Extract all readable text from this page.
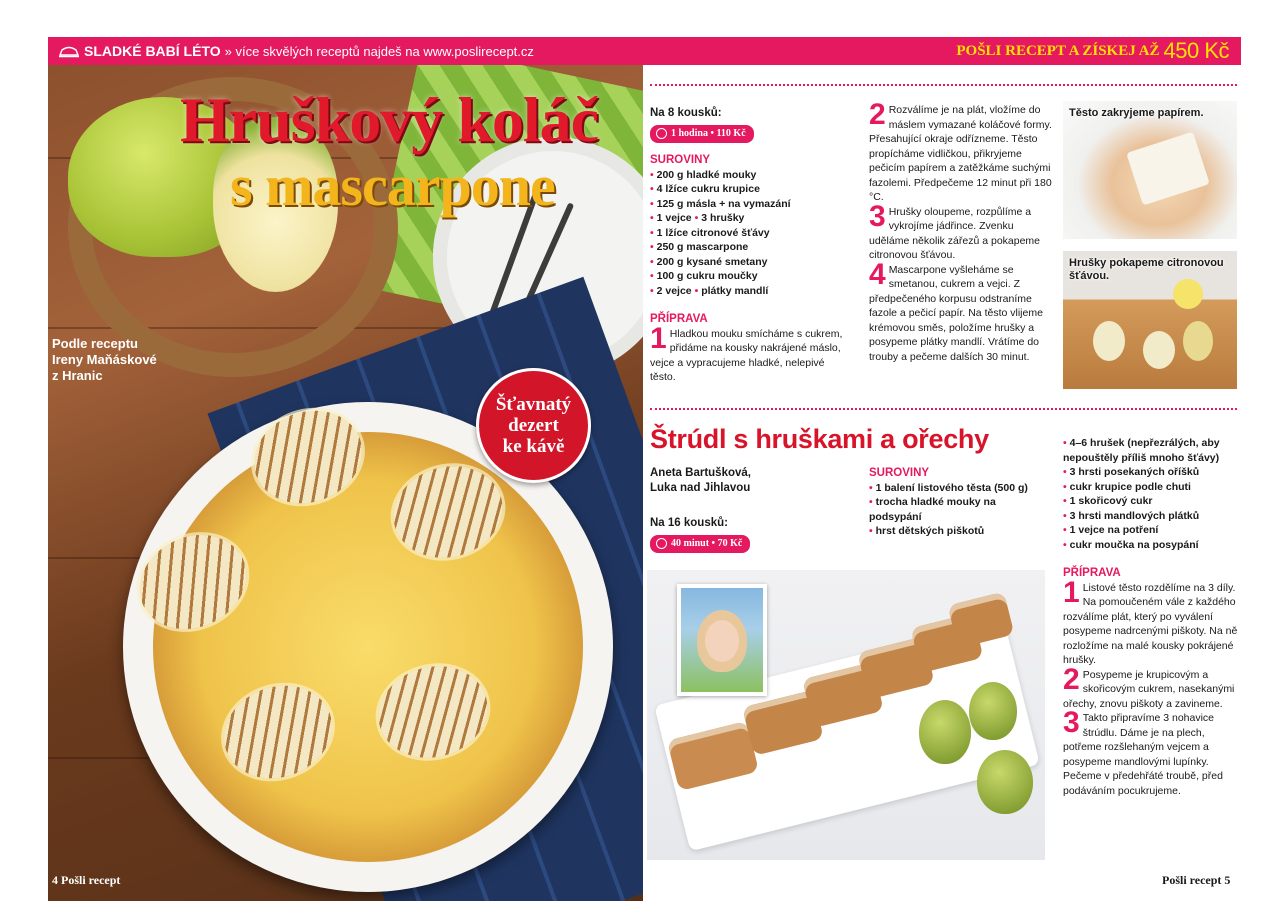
Hruškový koláč
s mascarpone
Podle receptu Ireny Maňáskové z Hranic
Šťavnatý
dezert
ke kávě
4 Pošli recept
SLADKÉ BABÍ LÉTO » více skvělých receptů najdeš na www.poslirecept.cz	POŠLI RECEPT A ZÍSKEJ AŽ 450 Kč
Na 8 kousků:
1 hodina • 110 Kč
SUROVINY
• 200 g hladké mouky
• 4 lžíce cukru krupice
• 125 g másla + na vymazání
• 1 vejce • 3 hrušky
• 1 lžíce citronové šťávy
• 250 g mascarpone
• 200 g kysané smetany
• 100 g cukru moučky
• 2 vejce • plátky mandlí
PŘÍPRAVA
1 Hladkou mouku smícháme s cukrem, přidáme na kousky nakrájené máslo, vejce a vypracujeme hladké, nelepivé těsto.
2 Rozválíme je na plát, vložíme do máslem vymazané koláčové formy. Přesahující okraje odřízneme. Těsto propícháme vidličkou, přikryjeme pečicím papírem a zatěžkáme suchými fazolemi. Předpečeme 12 minut při 180 °C.
3 Hrušky oloupeme, rozpůlíme a vykrojíme jádřince. Zvenku uděláme několik zářezů a pokapeme citronovou šťávou.
4 Mascarpone vyšleháme se smetanou, cukrem a vejci. Z předpečeného korpusu odstraníme fazole a pečicí papír. Na těsto vlijeme krémovou směs, položíme hrušky a posypeme plátky mandlí. Vrátíme do trouby a pečeme dalších 30 minut.
Těsto zakryjeme papírem.
Hrušky pokapeme citronovou šťávou.
Štrúdl s hruškami a ořechy
Aneta Bartušková,
Luka nad Jihlavou
Na 16 kousků:
40 minut • 70 Kč
SUROVINY
• 1 balení listového těsta (500 g)
• trocha hladké mouky na podsypání
• hrst dětských piškotů
• 4–6 hrušek (nepřezrálých, aby nepouštěly příliš mnoho šťávy)
• 3 hrsti posekaných oříšků
• cukr krupice podle chuti
• 1 skořicový cukr
• 3 hrsti mandlových plátků
• 1 vejce na potření
• cukr moučka na posypání
PŘÍPRAVA
1 Listové těsto rozdělíme na 3 díly. Na pomoučeném vále z každého rozválíme plát, který po vyválení posypeme nadrcenými piškoty. Na ně rozložíme na malé kousky pokrájené hrušky.
2 Posypeme je krupicovým a skořicovým cukrem, nasekanými ořechy, znovu piškoty a zavineme.
3 Takto připravíme 3 nohavice štrúdlu. Dáme je na plech, potřeme rozšlehaným vejcem a posypeme mandlovými lupínky. Pečeme v předehřáté troubě, před podáváním pocukrujeme.
Pošli recept 5
